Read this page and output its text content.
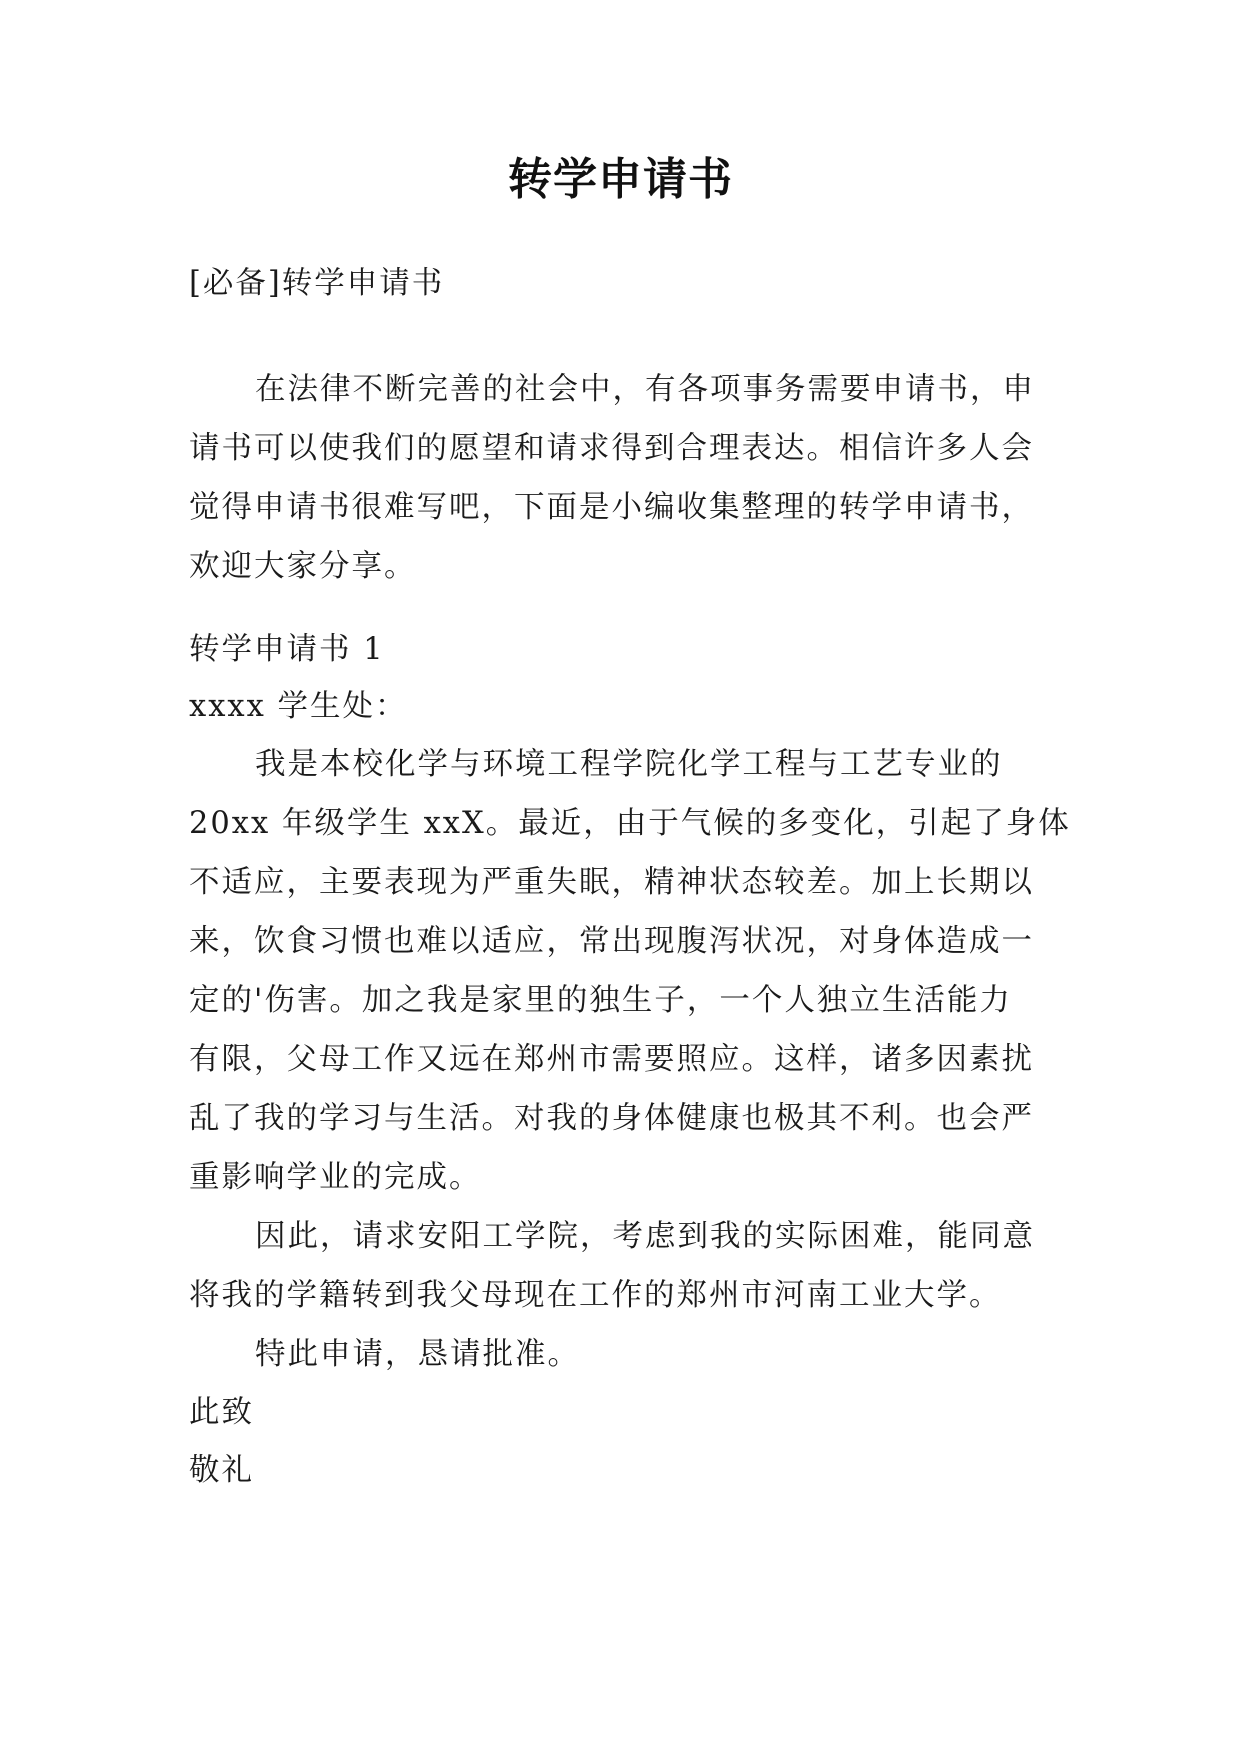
转学申请书
[必备]转学申请书
在法律不断完善的社会中，有各项事务需要申请书，申
请书可以使我们的愿望和请求得到合理表达。相信许多人会
觉得申请书很难写吧，下面是小编收集整理的转学申请书，
欢迎大家分享。
转学申请书 1
xxxx 学生处：
我是本校化学与环境工程学院化学工程与工艺专业的
20xx 年级学生 xxX。最近，由于气候的多变化，引起了身体
不适应，主要表现为严重失眠，精神状态较差。加上长期以
来，饮食习惯也难以适应，常出现腹泻状况，对身体造成一
定的'伤害。加之我是家里的独生子，一个人独立生活能力
有限，父母工作又远在郑州市需要照应。这样，诸多因素扰
乱了我的学习与生活。对我的身体健康也极其不利。也会严
重影响学业的完成。
因此，请求安阳工学院，考虑到我的实际困难，能同意
将我的学籍转到我父母现在工作的郑州市河南工业大学。
特此申请，恳请批准。
此致
敬礼
